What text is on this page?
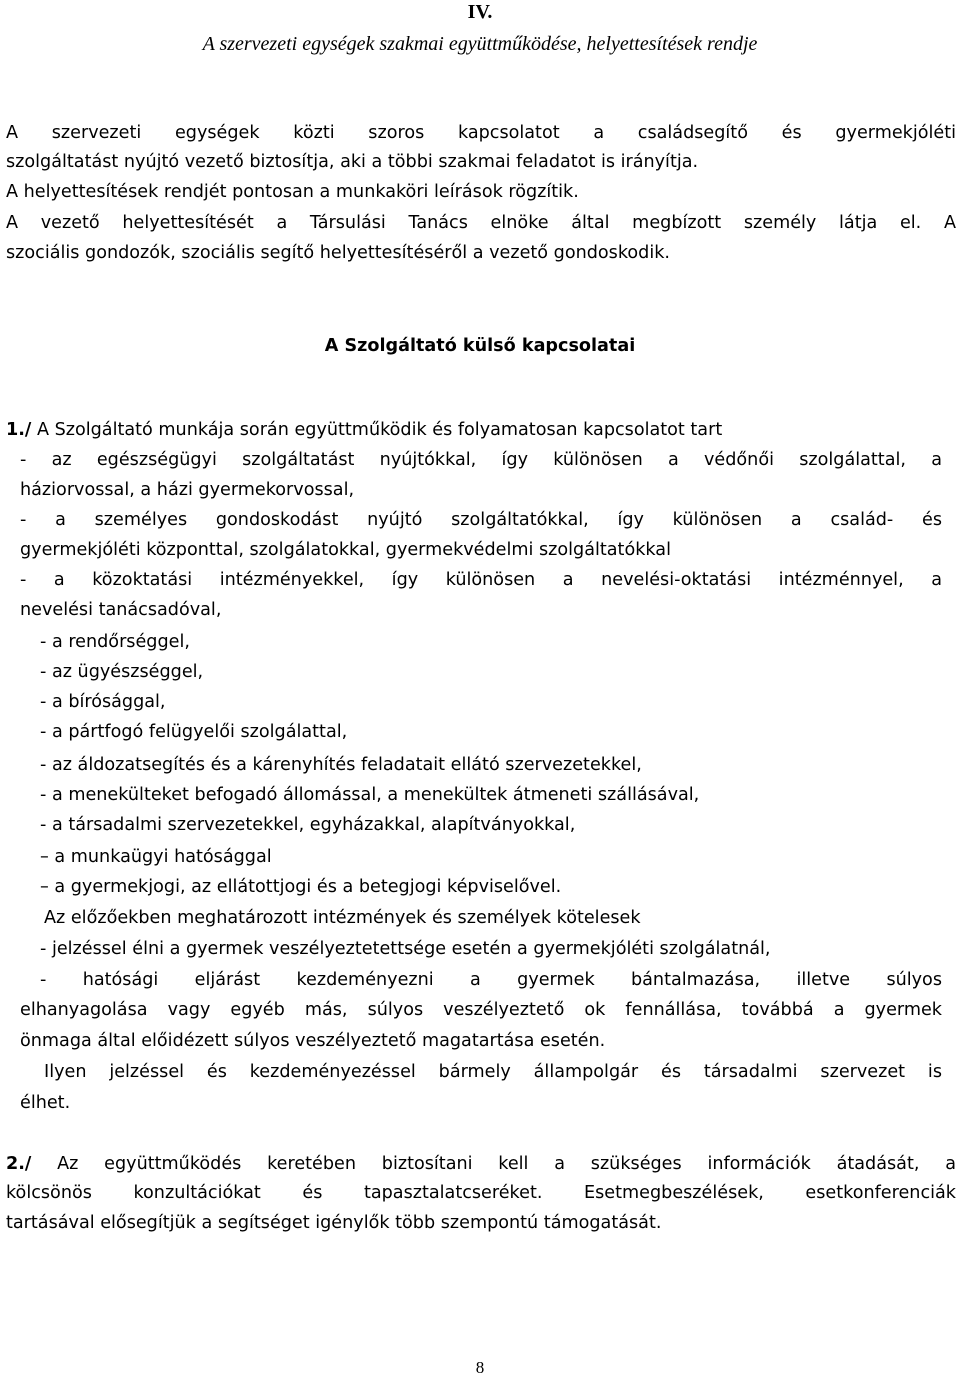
IV.
A szervezeti egységek szakmai együttműködése, helyettesítések rendje
A szervezeti egységek közti szoros kapcsolatot a családsegítő és gyermekjóléti
szolgáltatást nyújtó vezető biztosítja, aki a többi szakmai feladatot is irányítja.
A helyettesítések rendjét pontosan a munkaköri leírások rögzítik.
A vezető helyettesítését a Társulási Tanács elnöke által megbízott személy látja el. A
szociális gondozók, szociális segítő helyettesítéséről a vezető gondoskodik.
A Szolgáltató külső kapcsolatai
1./ A Szolgáltató munkája során együttműködik és folyamatosan kapcsolatot tart
- az egészségügyi szolgáltatást nyújtókkal, így különösen a védőnői szolgálattal, a
háziorvossal, a házi gyermekorvossal,
- a személyes gondoskodást nyújtó szolgáltatókkal, így különösen a család- és
gyermekjóléti központtal, szolgálatokkal, gyermekvédelmi szolgáltatókkal
- a közoktatási intézményekkel, így különösen a nevelési-oktatási intézménnyel, a
nevelési tanácsadóval,
- a rendőrséggel,
- az ügyészséggel,
- a bírósággal,
- a pártfogó felügyelői szolgálattal,
- az áldozatsegítés és a kárenyhítés feladatait ellátó szervezetekkel,
- a menekülteket befogadó állomással, a menekültek átmeneti szállásával,
- a társadalmi szervezetekkel, egyházakkal, alapítványokkal,
– a munkaügyi hatósággal
– a gyermekjogi, az ellátottjogi és a betegjogi képviselővel.
Az előzőekben meghatározott intézmények és személyek kötelesek
- jelzéssel élni a gyermek veszélyeztetettsége esetén a gyermekjóléti szolgálatnál,
- hatósági eljárást kezdeményezni a gyermek bántalmazása, illetve súlyos
elhanyagolása vagy egyéb más, súlyos veszélyeztető ok fennállása, továbbá a gyermek
önmaga által előidézett súlyos veszélyeztető magatartása esetén.
Ilyen jelzéssel és kezdeményezéssel bármely állampolgár és társadalmi szervezet is
élhet.
2./ Az együttműködés keretében biztosítani kell a szükséges információk átadását, a
kölcsönös konzultációkat és tapasztalatcseréket. Esetmegbeszélések, esetkonferenciák
tartásával elősegítjük a segítséget igénylők több szempontú támogatását.
8
